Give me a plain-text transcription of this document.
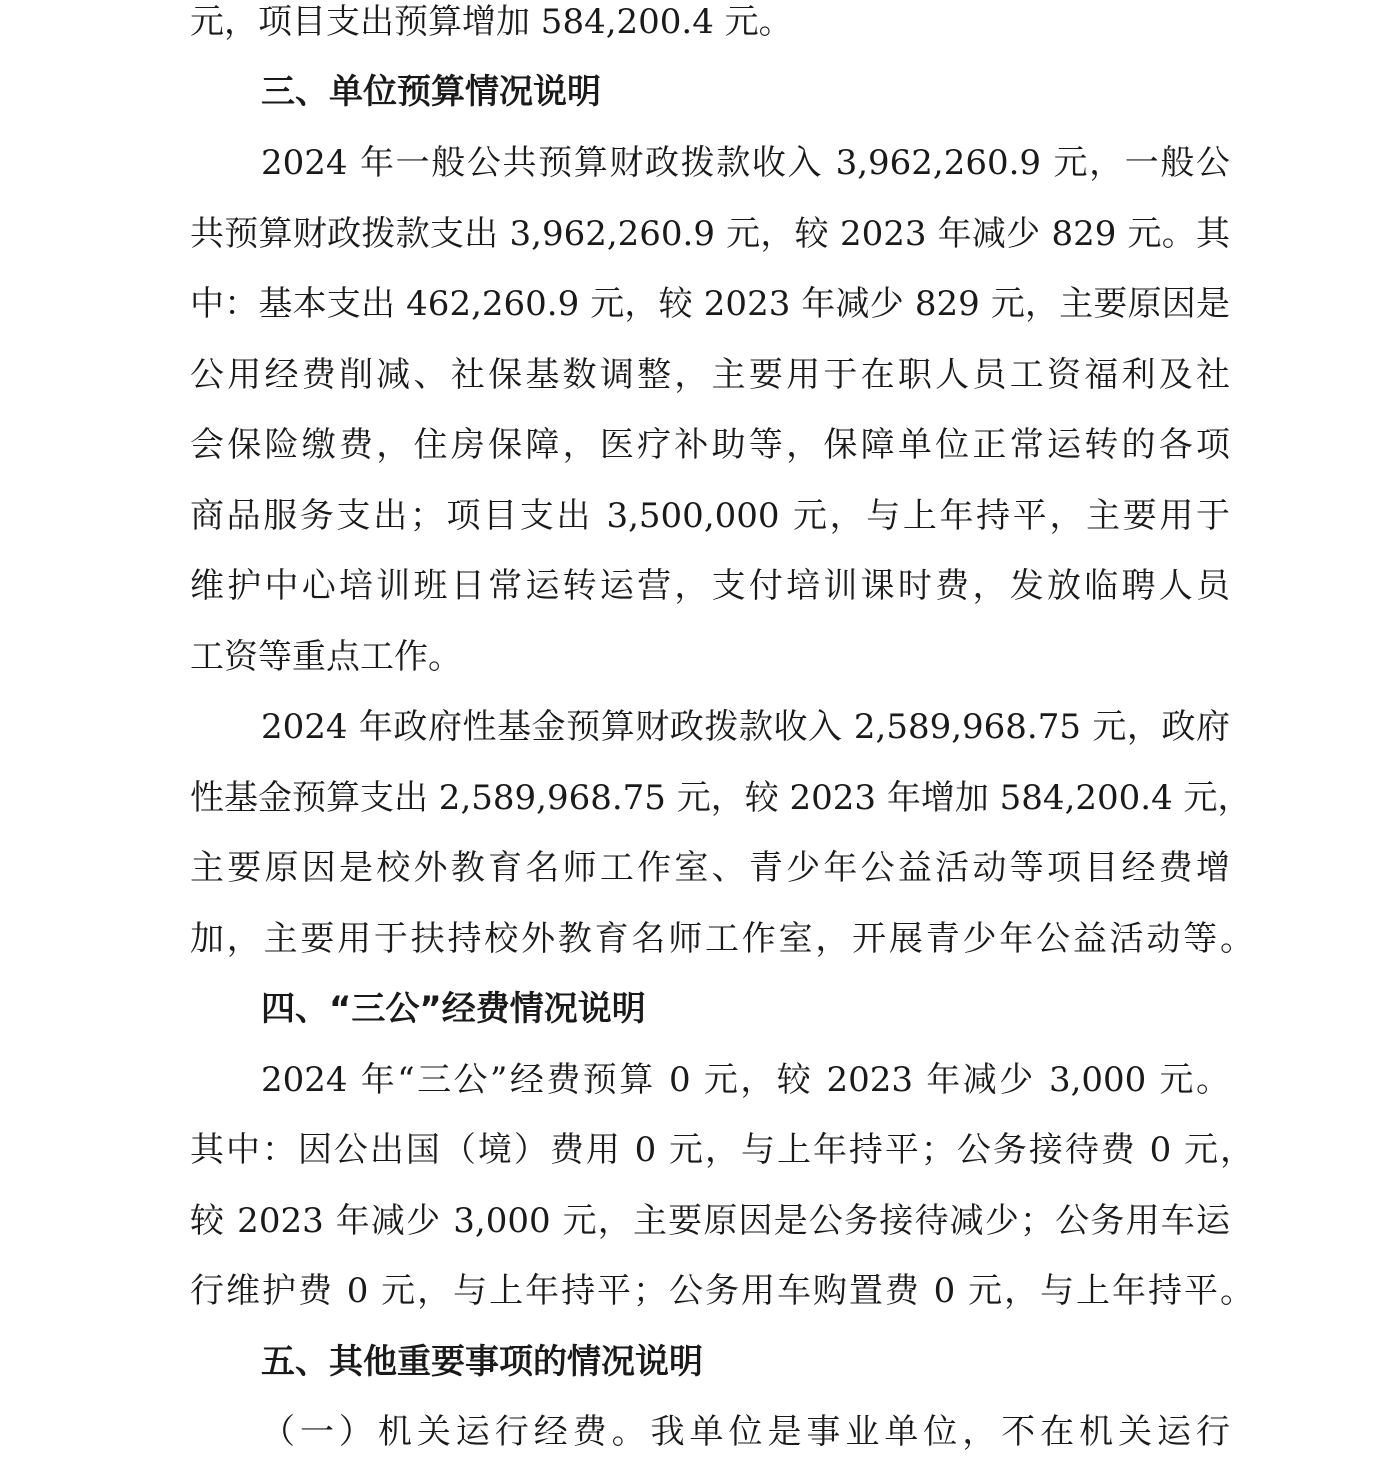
元，项目支出预算增加 584,200.4 元。
三、单位预算情况说明
2024 年一般公共预算财政拨款收入 3,962,260.9 元，一般公
共预算财政拨款支出 3,962,260.9 元，较 2023 年减少 829 元。其
中：基本支出 462,260.9 元，较 2023 年减少 829 元，主要原因是
公用经费削减、社保基数调整，主要用于在职人员工资福利及社
会保险缴费，住房保障，医疗补助等，保障单位正常运转的各项
商品服务支出；项目支出 3,500,000 元，与上年持平，主要用于
维护中心培训班日常运转运营，支付培训课时费，发放临聘人员
工资等重点工作。
2024 年政府性基金预算财政拨款收入 2,589,968.75 元，政府
性基金预算支出 2,589,968.75 元，较 2023 年增加 584,200.4 元，
主要原因是校外教育名师工作室、青少年公益活动等项目经费增
加，主要用于扶持校外教育名师工作室，开展青少年公益活动等。
四、“三公”经费情况说明
2024 年“三公”经费预算 0 元，较 2023 年减少 3,000 元。
其中：因公出国（境）费用 0 元，与上年持平；公务接待费 0 元，
较 2023 年减少 3,000 元，主要原因是公务接待减少；公务用车运
行维护费 0 元，与上年持平；公务用车购置费 0 元，与上年持平。
五、其他重要事项的情况说明
（一）机关运行经费。我单位是事业单位，不在机关运行
